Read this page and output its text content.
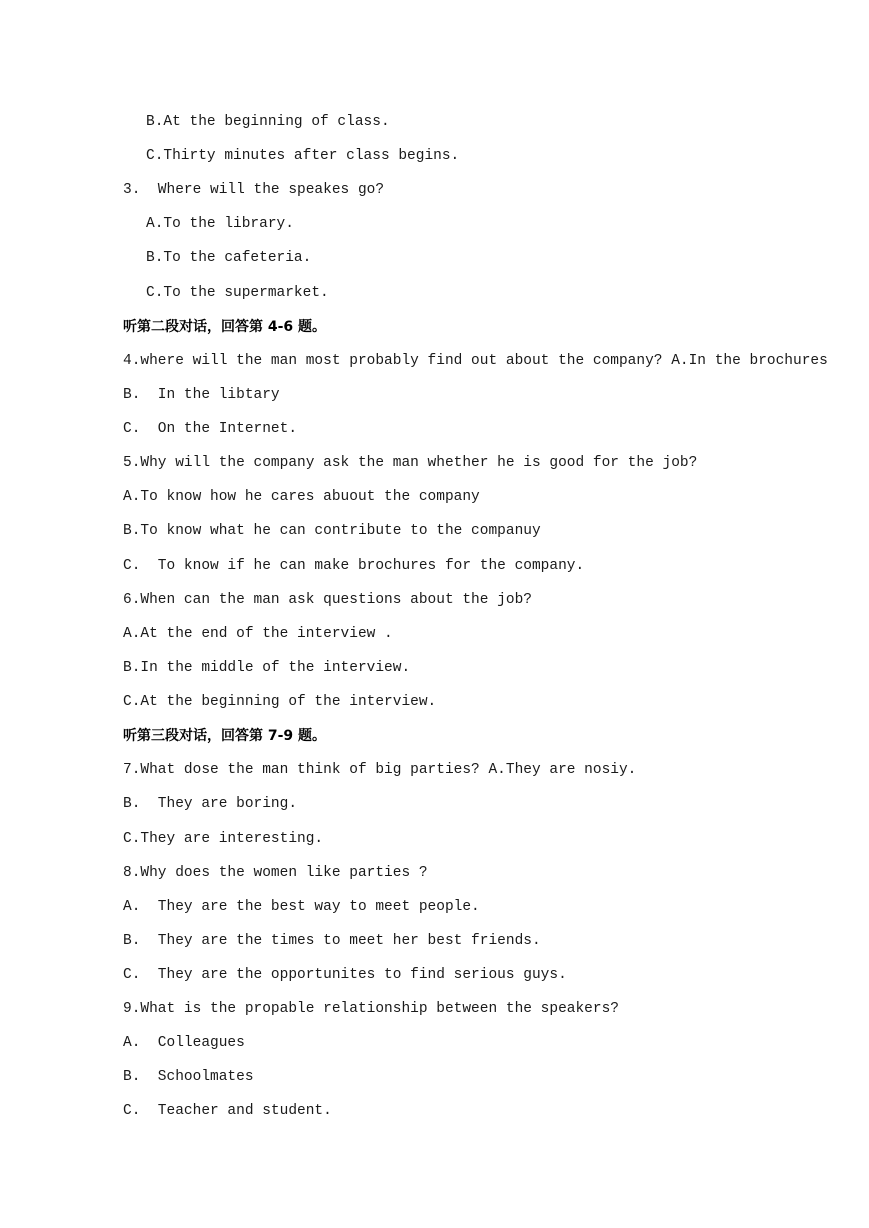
B.At the beginning of class.
C.Thirty minutes after class begins.
3.  Where will the speakes go?
A.To the library.
B.To the cafeteria.
C.To the supermarket.
听第二段对话，回答第 4-6 题。
4.where will the man most probably find out about the company? A.In the brochures
B.  In the libtary
C.  On the Internet.
5.Why will the company ask the man whether he is good for the job?
A.To know how he cares abuout the company
B.To know what he can contribute to the companuy
C.  To know if he can make brochures for the company.
6.When can the man ask questions about the job?
A.At the end of the interview .
B.In the middle of the interview.
C.At the beginning of the interview.
听第三段对话，回答第 7-9 题。
7.What dose the man think of big parties? A.They are nosiy.
B.  They are boring.
C.They are interesting.
8.Why does the women like parties ?
A.  They are the best way to meet people.
B.  They are the times to meet her best friends.
C.  They are the opportunites to find serious guys.
9.What is the propable relationship between the speakers?
A.  Colleagues
B.  Schoolmates
C.  Teacher and student.
